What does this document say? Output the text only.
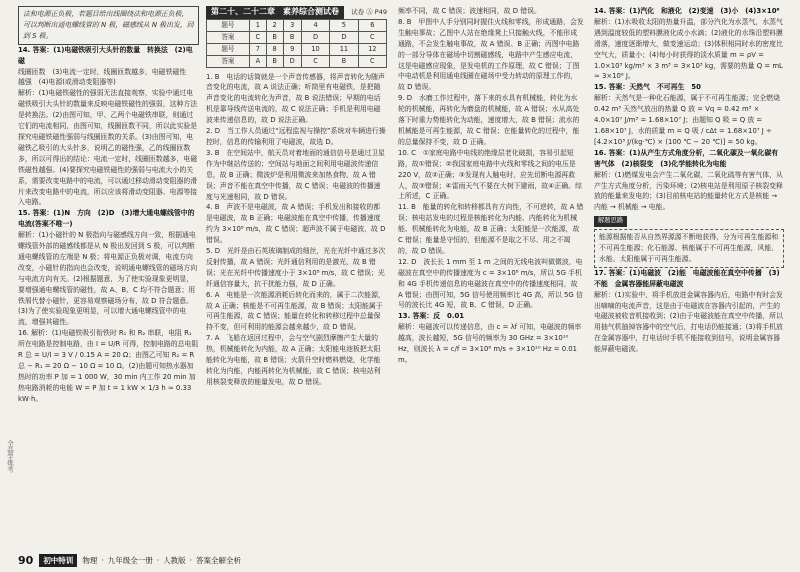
法和电源正负极，若题目给出线圈绕法和电源正负极，可以判断出通电螺线管的 N 极，磁感线从 N 极出发，回到 S 极。
14. 答案：(1)电磁铁吸引大头针的数量　转换法　(2)电磁
线圈匝数　(3)电流一定时，线圈匝数越多，电磁铁磁性
越强　(4)电源(或滑动变阻器等)
解析：(1)电磁铁磁性的强弱无法直接观察，实验中通过电磁铁吸引大头针的数量来反映电磁铁磁性的强弱，这种方法是转换法。(2)由图可知，甲、乙两个电磁铁串联，则通过它们的电流相同，由图可知，线圈匝数不同，所以此实验是探究电磁铁磁性强弱与线圈匝数的关系。(3)由图可知，电磁铁乙吸引的大头针多，说明乙的磁性强，乙的线圈匝数多，所以可得出的结论：电流一定时，线圈匝数越多，电磁铁磁性越强。(4)要探究电磁铁磁性的强弱与电流大小的关系，需要改变电路中的电流，可以通过移动滑动变阻器的滑片来改变电路中的电流，所以应该将滑动变阻器、电源等接入电路。
15. 答案：(1)N　方向　(2)D　(3)增大通电螺线管中的电流(答案不唯一)
解析：(1)小磁针的 N 极指向与磁感线方向一致，根据通电螺线管外部的磁感线都是从 N 极出发回到 S 极，可以判断通电螺线管的左端是 N 极；将电源正负极对调，电流方向改变，小磁针的指向也会改变，说明通电螺线管的磁场方向与电流方向有关。(2)根据题意，为了使实验现象更明显，要增强通电螺线管的磁性，故 A、B、C 均不符合题意；用铁屑代替小磁针，更容易观察磁场分布，故 D 符合题意。(3)为了使实验现象更明显，可以增大通电螺线管中的电流，增强其磁性。
16. 解析：(1)电磁铁吸引衔铁时 R₁ 和 R₂ 串联，电阻 R₁ 所在电路是控制电路，由 I = U/R 可得，控制电路的总电阻 R 总 = U/I = 3 V / 0.15 A = 20 Ω；由图乙可知 R₂ = R 总 − R₁ = 20 Ω − 10 Ω = 10 Ω。(2)由题可知热水器加热时的功率 P 加 = 1 000 W，30 min 内工作 20 min 加热电路消耗的电能 W = P 加 t = 1 kW × 1/3 h ≈ 0.33 kW·h。
第二十、二十二章　素养综合测试卷	试卷 Ⓐ P49
题号	1	2	3	4	5	6
答案	C	B	B	D	D	C
题号	7	8	9	10	11	12
答案	A	B	D	C	B	C
1. B　电话的话筒就是一个声音传感器，将声音转化为随声音变化的电流，故 A 说法正确；听筒里有电磁铁，是把随声音变化的电流转化为声音，故 B 说法错误；早期的电话机是靠导线传送电流的，故 C 说法正确；手机是利用电磁波来传递信息的，故 D 说法正确。
2. D　当工作人员通过“远程监视与操控”系统对车辆进行操控时，信息的传输利用了电磁波，故选 D。
3. B　在空间站中，航天员对着地面的通信信号是通过卫星作为中继站传送的；空间站与地面之间利用电磁波传递信息，故 B 正确；微波炉是利用微波来加热食物，故 A 错误；声音不能在真空中传播，故 C 错误；电磁波的传播速度与光速相同，故 D 错误。
4. B　声波不是电磁波，故 A 错误；手机发出和接收的都是电磁波，故 B 正确；电磁波能在真空中传播，传播速度约为 3×10⁸ m/s，故 C 错误；超声波不属于电磁波，故 D 错误。
5. D　光纤是由石英玻璃制成的细丝，光在光纤中通过多次反射传播，故 A 错误；光纤通信利用的是激光，故 B 错误；光在光纤中传播速度小于 3×10⁸ m/s，故 C 错误；光纤通信容量大，抗干扰能力强，故 D 正确。
6. A　电能是一次能源消耗后转化而来的，属于二次能源，故 A 正确；核能是不可再生能源，故 B 错误；太阳能属于可再生能源，故 C 错误；能量在转化和转移过程中总量保持不变，但可利用的能源会越来越少，故 D 错误。
7. A　飞船在返回过程中，会与空气剧烈摩擦产生大量的热，机械能转化为内能，故 A 正确；太阳能电池板把太阳能转化为电能，故 B 错误；火箭升空时燃料燃烧，化学能转化为内能，内能再转化为机械能，故 C 错误；核电站利用核裂变释放的能量发电，故 D 错误。
频率不同，故 C 错误；波速相同，故 D 错误。
8. B　甲图中人手分别同时握住火线和零线，形成通路，会发生触电事故；乙图中人站在绝缘凳上只接触火线，不能形成通路，不会发生触电事故，故 A 错误、B 正确；丙图中电路的一部分导体在磁场中切割磁感线，电路中产生感应电流，这是电磁感应现象，是发电机的工作原理，故 C 错误；丁图中电动机是利用通电线圈在磁场中受力转动的原理工作的，故 D 错误。
9. D　水磨工作过程中，落下来的水具有机械能，转化为水轮的机械能，再转化为磨盘的机械能，故 A 错误；水从高处落下时重力势能转化为动能，速度增大，故 B 错误；流水的机械能是可再生能源，故 C 错误；在能量转化的过程中，能的总量保持不变，故 D 正确。
10. C　①家庭电路中电线的绝缘层老化破损，容易引起短路，故①错误；②我国家庭电路中火线和零线之间的电压是 220 V，故②正确；③发现有人触电时，应先切断电源再救人，故③错误；④雷雨天气不要在大树下避雨，故④正确。综上所述，C 正确。
11. B　能量的转化和转移都具有方向性，不可逆转，故 A 错误；核电站发电的过程是核能转化为内能、内能转化为机械能、机械能转化为电能，故 B 正确；太阳能是一次能源，故 C 错误；能量是守恒的，但能源不是取之不尽、用之不竭的，故 D 错误。
12. D　波长长 1 mm 至 1 m 之间的无线电波叫做微波，电磁波在真空中的传播速度为 c = 3×10⁸ m/s，所以 5G 手机和 4G 手机传递信息的电磁波在真空中的传播速度相同，故 A 错误；由图可知，5G 信号使用频率比 4G 高，所以 5G 信号的波长比 4G 短，故 B、C 错误，D 正确。
13. 答案：反　0.01
解析：电磁波可以传递信息，由 c = λf 可知，电磁波的频率越高，波长越短，5G 信号的频率为 30 GHz = 3×10¹⁰ Hz，则波长 λ = c/f = 3×10⁸ m/s ÷ 3×10¹⁰ Hz = 0.01 m。
14. 答案：(1)汽化　和液化　(2)变速　(3)小　(4)3×10⁶
解析：(1)水吸收太阳的热量升温，部分汽化为水蒸气，水蒸气遇到温度较低的塑料膜液化成小水滴；(2)液化的水珠沿塑料膜滑落，速度逐渐增大，做变速运动；(3)体积相同时水的密度比空气大，质量小；(4)每小时获得的淡水质量 m = ρV = 1.0×10³ kg/m³ × 3 m³ = 3×10³ kg，需要的热量 Q = mL ≈ 3×10⁶ J。
15. 答案：天然气　不可再生　50
解析：天然气是一种化石能源，属于不可再生能源；完全燃烧 0.42 m³ 天然气放出的热量 Q 放 = Vq = 0.42 m³ × 4.0×10⁷ J/m³ = 1.68×10⁷ J；由题知 Q 吸 = Q 放 = 1.68×10⁷ J，水的质量 m = Q 吸 / cΔt = 1.68×10⁷ J ÷ [4.2×10³ J/(kg·℃) × (100 ℃ − 20 ℃)] = 50 kg。
16. 答案：(1)从产生方式角度分析，二氧化碳及一氧化碳有害气体　(2)核裂变　(3)化学能转化为电能
解析：(1)燃煤发电会产生二氧化碳、二氧化硫等有害气体，从产生方式角度分析，污染环境；(2)核电站是利用原子核裂变释放的能量来发电的；(3)目前核电站的能量转化方式是核能 → 内能 → 机械能 → 电能。
解题思路
能源根据能否从自然界源源不断地获得，分为可再生能源和不可再生能源；化石能源、核能属于不可再生能源，风能、水能、太阳能属于可再生能源。
17. 答案：(1)电磁波　(2)能　电磁波能在真空中传播　(3)不能　金属容器能屏蔽电磁波
解析：(1)实验中，将手机放进金属容器内后，电路中有时会发出嘀嘀的电流声音，这是由于电磁波在容器内引起的，产生的电磁波被收音机接收到；(2)由于电磁波能在真空中传播，所以用抽气机抽掉容器中的空气后，打电话仍能接通；(3)将手机放在金属容器中，打电话时手机不能接收到信号，说明金属容器能屏蔽电磁波。
全品学练考
90	初中特训	物理 · 九年级全一册 · 人教版 · 答案全解全析
